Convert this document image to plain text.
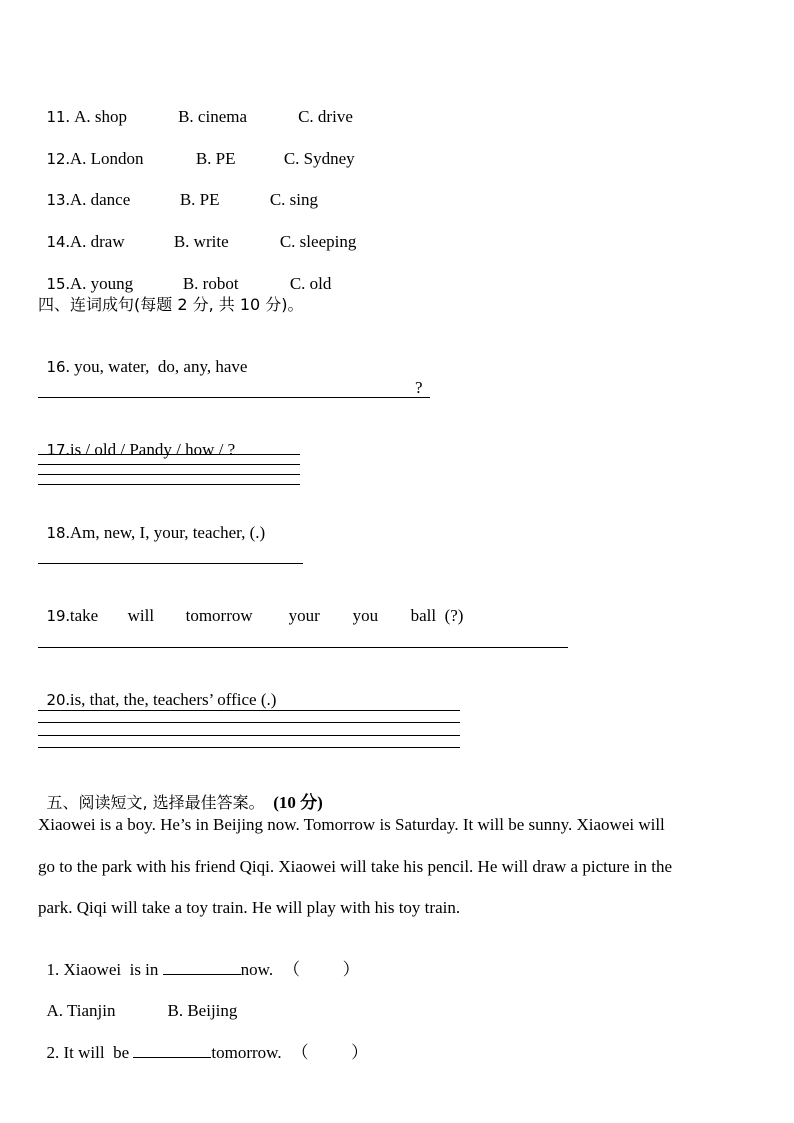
11. A. shop	B. cinema	C. drive

12.A. London	B. PE	C. Sydney

13.A. dance	B. PE	C. sing

14.A. draw	B. write	C. sleeping

15.A. young	B. robot	C. old

四、连词成句(每题 2 分, 共 10 分)。

16. you, water,  do, any, have

?

17.is / old / Pandy / how / ?

18.Am, new, I, your, teacher, (.)

19.take will tomorrow your you ball  (?)

20.is, that, the, teachers’ office (.)

五、阅读短文, 选择最佳答案。 (10 分)

Xiaowei is a boy. He’s in Beijing now. Tomorrow is Saturday. It will be sunny. Xiaowei will
go to the park with his friend Qiqi. Xiaowei will take his pencil. He will draw a picture in the
park. Qiqi will take a toy train. He will play with his toy train.

1. Xiaowei  is in	now. （          ）

A. Tianjin	B. Beijing

2. It will  be	tomorrow. （          ）
